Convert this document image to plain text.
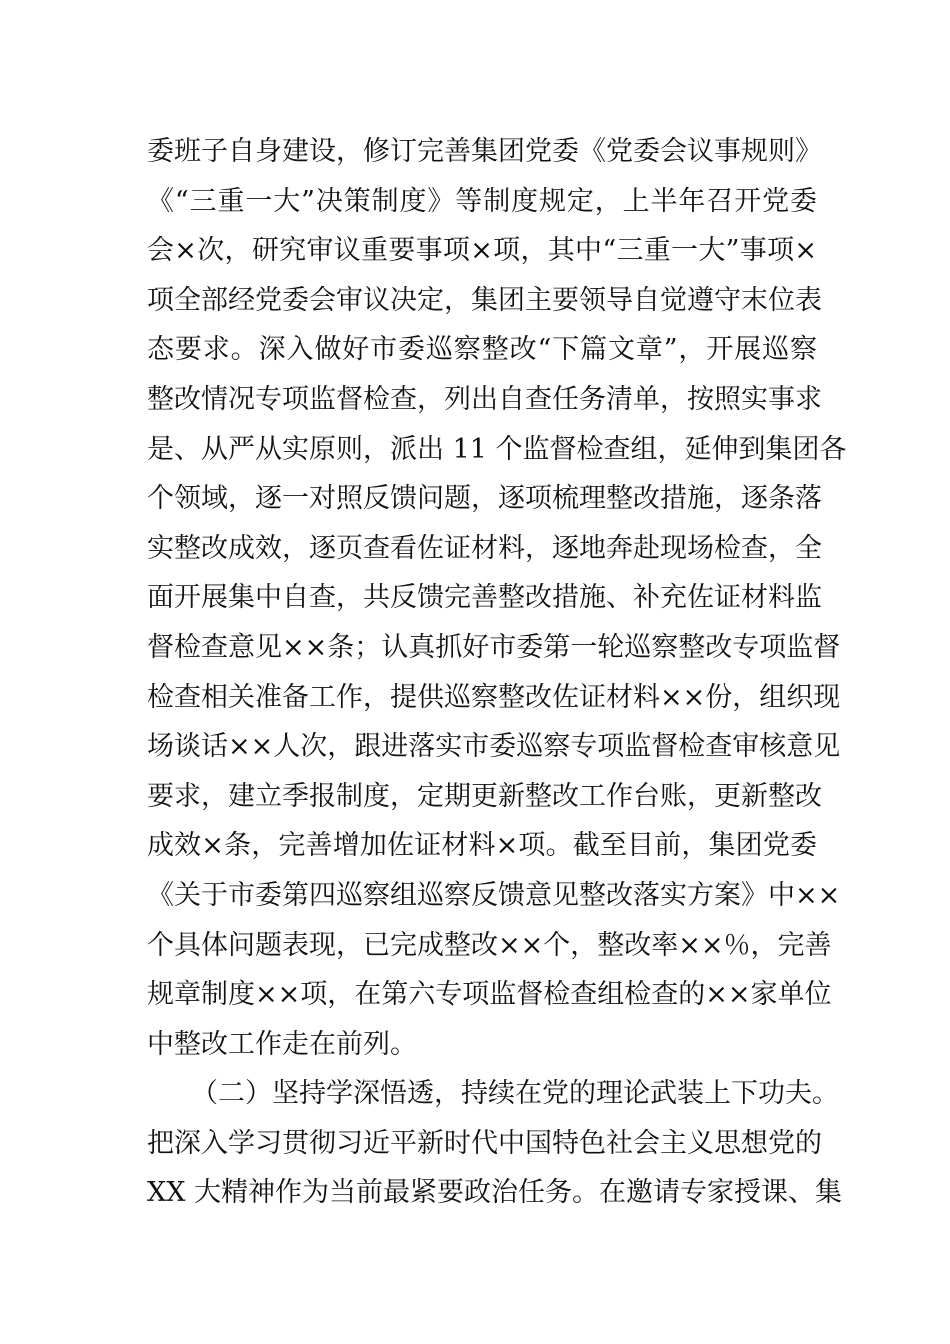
委班子自身建设，修订完善集团党委《党委会议事规则》
《“三重一大”决策制度》等制度规定，上半年召开党委
会×次，研究审议重要事项×项，其中“三重一大”事项×
项全部经党委会审议决定，集团主要领导自觉遵守末位表
态要求。深入做好市委巡察整改“下篇文章”，开展巡察
整改情况专项监督检查，列出自查任务清单，按照实事求
是、从严从实原则，派出 11 个监督检查组，延伸到集团各
个领域，逐一对照反馈问题，逐项梳理整改措施，逐条落
实整改成效，逐页查看佐证材料，逐地奔赴现场检查，全
面开展集中自查，共反馈完善整改措施、补充佐证材料监
督检查意见××条；认真抓好市委第一轮巡察整改专项监督
检查相关准备工作，提供巡察整改佐证材料××份，组织现
场谈话××人次，跟进落实市委巡察专项监督检查审核意见
要求，建立季报制度，定期更新整改工作台账，更新整改
成效×条，完善增加佐证材料×项。截至目前，集团党委
《关于市委第四巡察组巡察反馈意见整改落实方案》中××
个具体问题表现，已完成整改××个，整改率××％，完善
规章制度××项，在第六专项监督检查组检查的××家单位
中整改工作走在前列。
（二）坚持学深悟透，持续在党的理论武装上下功夫。
把深入学习贯彻习近平新时代中国特色社会主义思想党的
XX 大精神作为当前最紧要政治任务。在邀请专家授课、集
